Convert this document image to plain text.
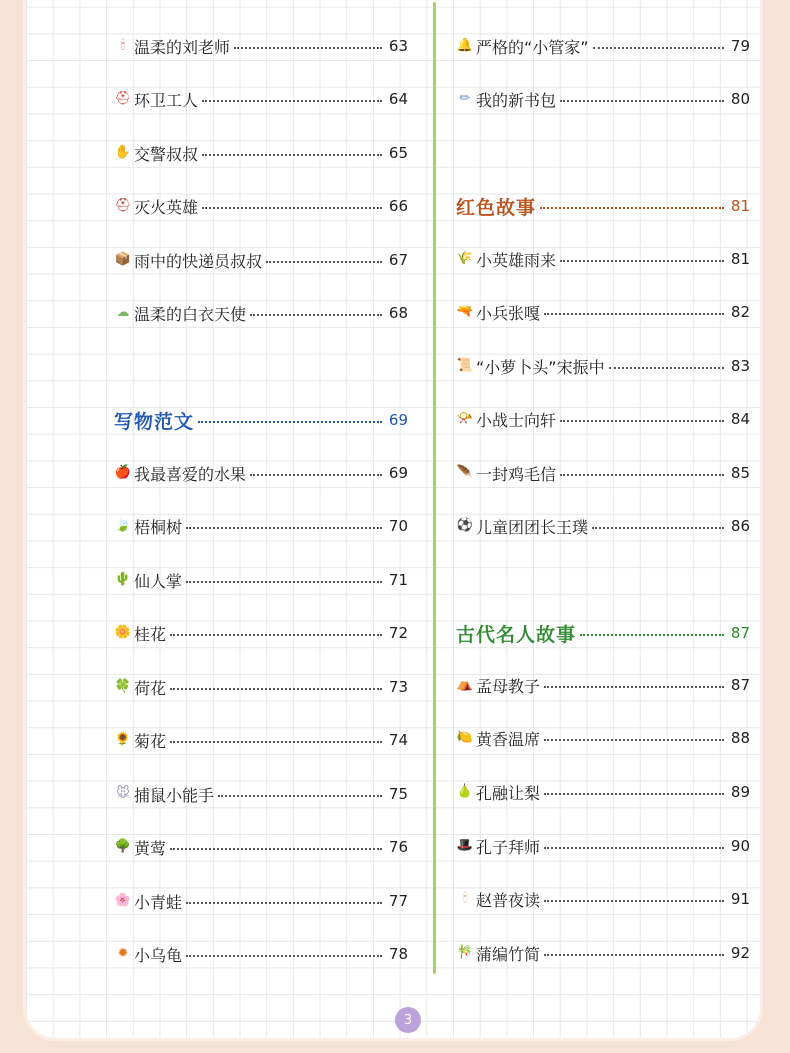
🕯 温柔的刘老师	63
⛑ 环卫工人	64
✋ 交警叔叔	65
⛑ 灭火英雄	66
📦 雨中的快递员叔叔	67
☁ 温柔的白衣天使	68
写物范文	69
🍎 我最喜爱的水果	69
🍃 梧桐树	70
🌵 仙人掌	71
🌼 桂花	72
🍀 荷花	73
🌻 菊花	74
🐭 捕鼠小能手	75
🌳 黄莺	76
🌸 小青蛙	77
✹ 小乌龟	78
🔔 严格的“小管家”	79
✏ 我的新书包	80
红色故事	81
🌾 小英雄雨来	81
🔫 小兵张嘎	82
📜 “小萝卜头”宋振中	83
📯 小战士向轩	84
🪶 一封鸡毛信	85
⚽ 儿童团团长王璞	86
古代名人故事	87
⛺ 孟母教子	87
🍋 黄香温席	88
🍐 孔融让梨	89
🎩 孔子拜师	90
🕯 赵普夜读	91
🎋 蒲编竹简	92
3
